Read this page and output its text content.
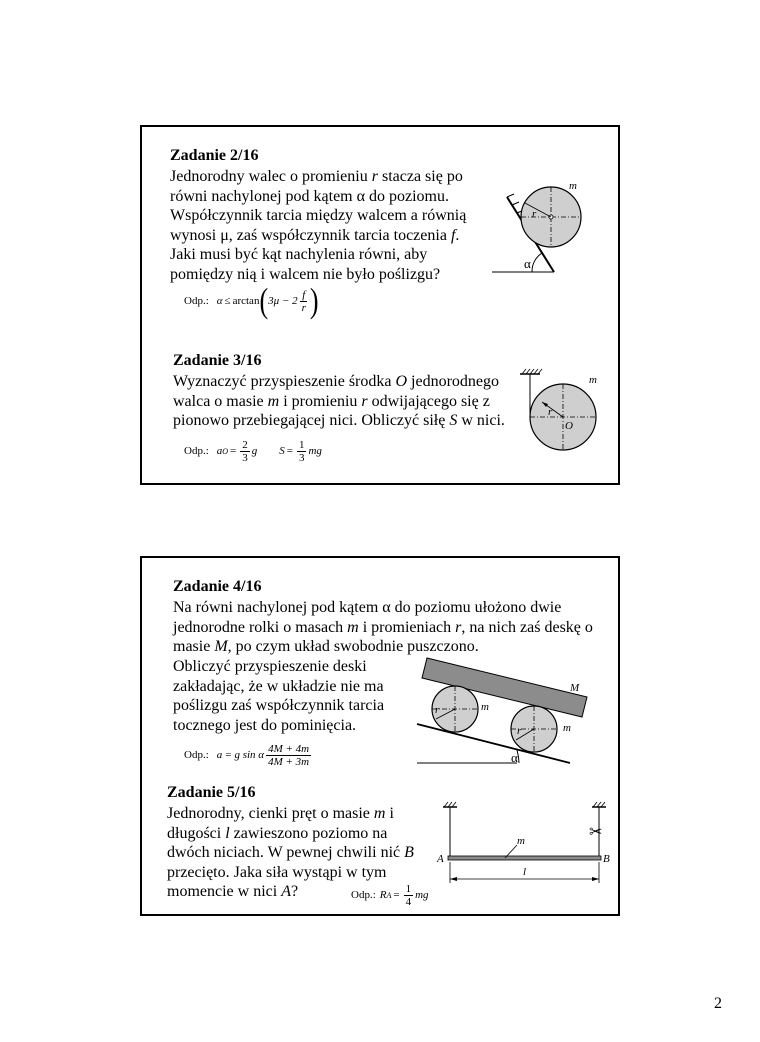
Zadanie 2/16
Jednorodny walec o promieniu r stacza się po
równi nachylonej pod kątem α do poziomu.
Współczynnik tarcia między walcem a równią
wynosi μ, zaś współczynnik tarcia toczenia f.
Jaki musi być kąt nachylenia równi, aby
pomiędzy nią i walcem nie było poślizgu?
Odp.: α ≤ arctan ( $3\mu - 2 \frac{f}{r}$ )
α
r
m
Zadanie 3/16
Wyznaczyć przyspieszenie środka O jednorodnego
walca o masie m i promieniu r odwijającego się z
pionowo przebiegającej nici. Obliczyć siłę S w nici.
Odp.: a $O = \frac{2}{3}$ g $S = \frac{1}{3}$ mg
r
O
m
Zadanie 4/16
Na równi nachylonej pod kątem α do poziomu ułożono dwie
jednorodne rolki o masach m i promieniach r, na nich zaś deskę o
masie M, po czym układ swobodnie puszczono.
Obliczyć przyspieszenie deski
zakładając, że w układzie nie ma
poślizgu zaś współczynnik tarcia
tocznego jest do pominięcia.
Odp.: a = g sin α $\frac{4M + 4m}{4M + 3m}$	α
M
r	m
r	m
Zadanie 5/16
Jednorodny, cienki pręt o masie m i
długości l zawieszono poziomo na
dwóch niciach. W pewnej chwili nić B
przecięto. Jaka siła wystąpi w tym
momencie w nici A?	Odp.: R $A = \frac{1}{4}$ mg
✂
m
A	B
l
2
